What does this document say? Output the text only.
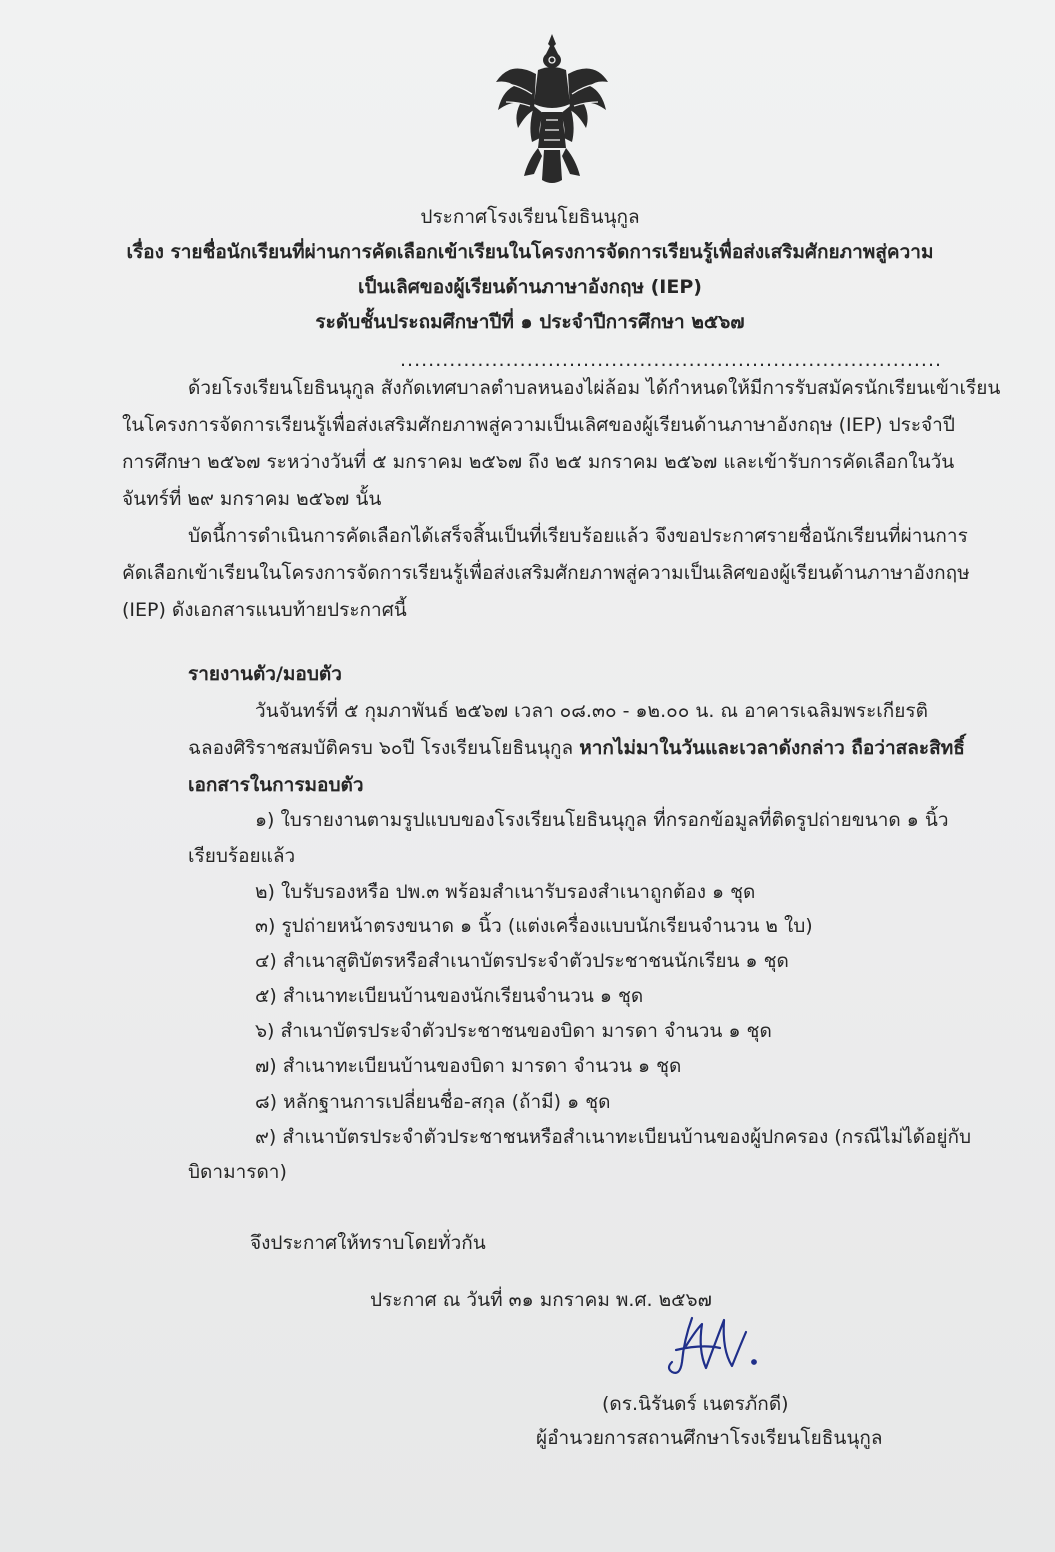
ประกาศโรงเรียนโยธินนุกูล
เรื่อง รายชื่อนักเรียนที่ผ่านการคัดเลือกเข้าเรียนในโครงการจัดการเรียนรู้เพื่อส่งเสริมศักยภาพสู่ความ
เป็นเลิศของผู้เรียนด้านภาษาอังกฤษ (IEP)
ระดับชั้นประถมศึกษาปีที่ ๑ ประจำปีการศึกษา ๒๕๖๗
.............................................................................
ด้วยโรงเรียนโยธินนุกูล สังกัดเทศบาลตำบลหนองไผ่ล้อม ได้กำหนดให้มีการรับสมัครนักเรียนเข้าเรียน
ในโครงการจัดการเรียนรู้เพื่อส่งเสริมศักยภาพสู่ความเป็นเลิศของผู้เรียนด้านภาษาอังกฤษ (IEP) ประจำปี
การศึกษา ๒๕๖๗ ระหว่างวันที่ ๕ มกราคม ๒๕๖๗ ถึง ๒๕ มกราคม ๒๕๖๗ และเข้ารับการคัดเลือกในวัน
จันทร์ที่ ๒๙ มกราคม ๒๕๖๗ นั้น
บัดนี้การดำเนินการคัดเลือกได้เสร็จสิ้นเป็นที่เรียบร้อยแล้ว จึงขอประกาศรายชื่อนักเรียนที่ผ่านการ
คัดเลือกเข้าเรียนในโครงการจัดการเรียนรู้เพื่อส่งเสริมศักยภาพสู่ความเป็นเลิศของผู้เรียนด้านภาษาอังกฤษ
(IEP) ดังเอกสารแนบท้ายประกาศนี้
รายงานตัว/มอบตัว
วันจันทร์ที่ ๕ กุมภาพันธ์ ๒๕๖๗ เวลา ๐๘.๓๐ - ๑๒.๐๐ น. ณ อาคารเฉลิมพระเกียรติ
ฉลองศิริราชสมบัติครบ ๖๐ปี โรงเรียนโยธินนุกูล หากไม่มาในวันและเวลาดังกล่าว ถือว่าสละสิทธิ์
เอกสารในการมอบตัว
๑) ใบรายงานตามรูปแบบของโรงเรียนโยธินนุกูล ที่กรอกข้อมูลที่ติดรูปถ่ายขนาด ๑ นิ้ว
เรียบร้อยแล้ว
๒) ใบรับรองหรือ ปพ.๓ พร้อมสำเนารับรองสำเนาถูกต้อง ๑ ชุด
๓) รูปถ่ายหน้าตรงขนาด ๑ นิ้ว (แต่งเครื่องแบบนักเรียนจำนวน ๒ ใบ)
๔) สำเนาสูติบัตรหรือสำเนาบัตรประจำตัวประชาชนนักเรียน ๑ ชุด
๕) สำเนาทะเบียนบ้านของนักเรียนจำนวน ๑ ชุด
๖) สำเนาบัตรประจำตัวประชาชนของบิดา มารดา จำนวน ๑ ชุด
๗) สำเนาทะเบียนบ้านของบิดา มารดา จำนวน ๑ ชุด
๘) หลักฐานการเปลี่ยนชื่อ-สกุล (ถ้ามี) ๑ ชุด
๙) สำเนาบัตรประจำตัวประชาชนหรือสำเนาทะเบียนบ้านของผู้ปกครอง (กรณีไม่ได้อยู่กับ
บิดามารดา)
จึงประกาศให้ทราบโดยทั่วกัน
ประกาศ ณ วันที่ ๓๑ มกราคม พ.ศ. ๒๕๖๗
(ดร.นิรันดร์ เนตรภักดี)
ผู้อำนวยการสถานศึกษาโรงเรียนโยธินนุกูล
